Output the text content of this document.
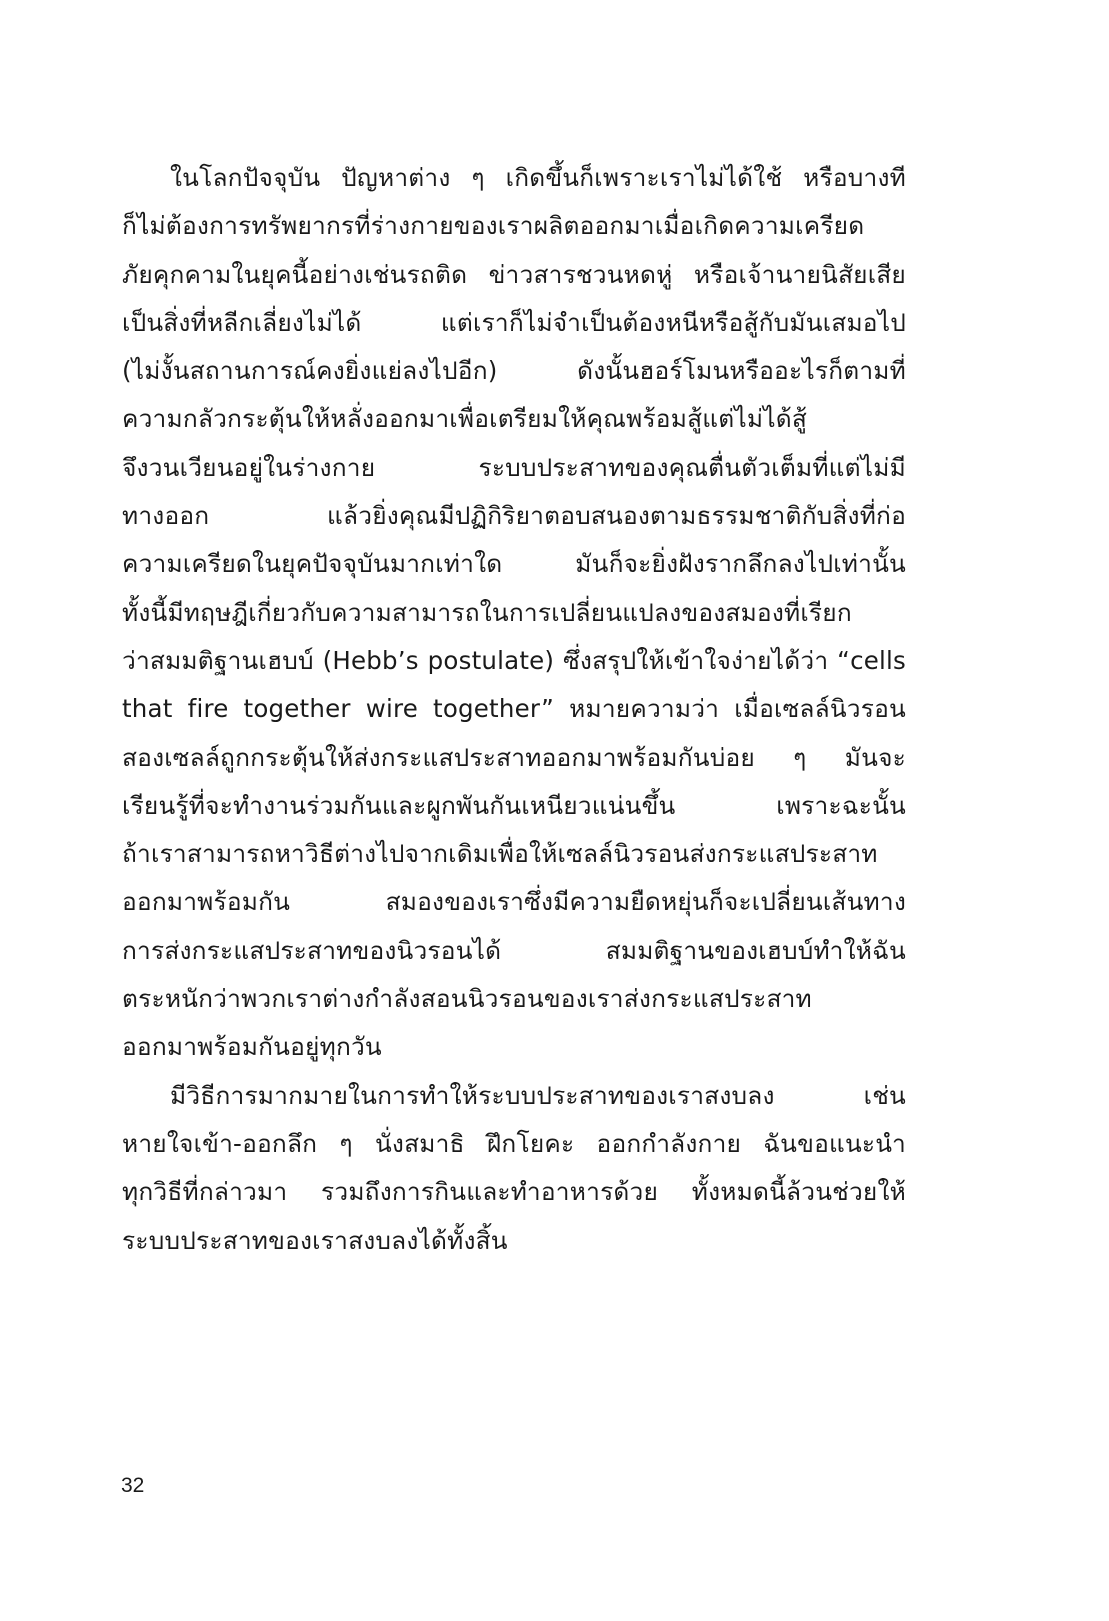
ในโลกปัจจุบัน ปัญหาต่าง ๆ เกิดขึ้นก็เพราะเราไม่ได้ใช้ หรือบางที
ก็ไม่ต้องการทรัพยากรที่ร่างกายของเราผลิตออกมาเมื่อเกิดความเครียด
ภัยคุกคามในยุคนี้อย่างเช่นรถติด ข่าวสารชวนหดหู่ หรือเจ้านายนิสัยเสีย
เป็นสิ่งที่หลีกเลี่ยงไม่ได้ แต่เราก็ไม่จำเป็นต้องหนีหรือสู้กับมันเสมอไป
(ไม่งั้นสถานการณ์คงยิ่งแย่ลงไปอีก) ดังนั้นฮอร์โมนหรืออะไรก็ตามที่
ความกลัวกระตุ้นให้หลั่งออกมาเพื่อเตรียมให้คุณพร้อมสู้แต่ไม่ได้สู้
จึงวนเวียนอยู่ในร่างกาย ระบบประสาทของคุณตื่นตัวเต็มที่แต่ไม่มี
ทางออก แล้วยิ่งคุณมีปฏิกิริยาตอบสนองตามธรรมชาติกับสิ่งที่ก่อ
ความเครียดในยุคปัจจุบันมากเท่าใด มันก็จะยิ่งฝังรากลึกลงไปเท่านั้น
ทั้งนี้มีทฤษฎีเกี่ยวกับความสามารถในการเปลี่ยนแปลงของสมองที่เรียก
ว่าสมมติฐานเฮบบ์ (Hebb’s postulate) ซึ่งสรุปให้เข้าใจง่ายได้ว่า “cells
that fire together wire together” หมายความว่า เมื่อเซลล์นิวรอน
สองเซลล์ถูกกระตุ้นให้ส่งกระแสประสาทออกมาพร้อมกันบ่อย ๆ มันจะ
เรียนรู้ที่จะทำงานร่วมกันและผูกพันกันเหนียวแน่นขึ้น เพราะฉะนั้น
ถ้าเราสามารถหาวิธีต่างไปจากเดิมเพื่อให้เซลล์นิวรอนส่งกระแสประสาท
ออกมาพร้อมกัน สมองของเราซึ่งมีความยืดหยุ่นก็จะเปลี่ยนเส้นทาง
การส่งกระแสประสาทของนิวรอนได้ สมมติฐานของเฮบบ์ทำให้ฉัน
ตระหนักว่าพวกเราต่างกำลังสอนนิวรอนของเราส่งกระแสประสาท
ออกมาพร้อมกันอยู่ทุกวัน
มีวิธีการมากมายในการทำให้ระบบประสาทของเราสงบลง เช่น
หายใจเข้า-ออกลึก ๆ นั่งสมาธิ ฝึกโยคะ ออกกำลังกาย ฉันขอแนะนำ
ทุกวิธีที่กล่าวมา รวมถึงการกินและทำอาหารด้วย ทั้งหมดนี้ล้วนช่วยให้
ระบบประสาทของเราสงบลงได้ทั้งสิ้น
32
